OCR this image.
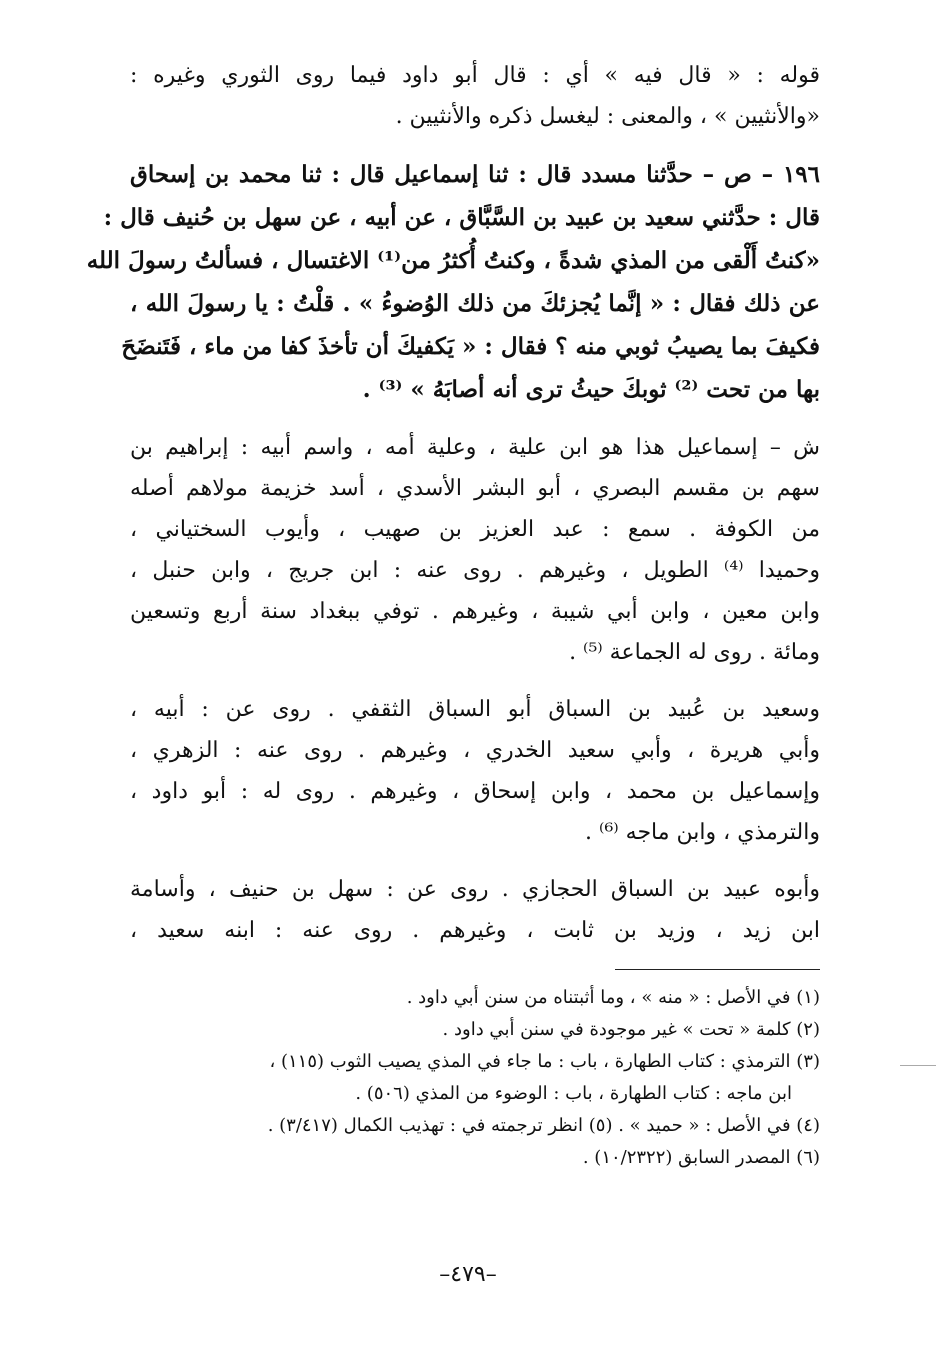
قوله : « قال فيه » أي : قال أبو داود فيما روى الثوري وغيره :
«والأنثيين » ، والمعنى : ليغسل ذكره والأنثيين .
١٩٦ – ص – حدَّثنا مسدد قال : ثنا إسماعيل قال : ثنا محمد بن إسحاق
قال : حدَّثني سعيد بن عبيد بن السَّبَّاق ، عن أبيه ، عن سهل بن حُنيف قال :
«كنتُ أَلْقى من المذي شدةً ، وكنتُ أُكثرُ من⁽¹⁾ الاغتسال ، فسألتُ رسولَ الله
عن ذلك فقال : « إنَّما يُجزئكَ من ذلك الوُضوءُ » . قلْتُ : يا رسولَ الله ،
فكيفَ بما يصيبُ ثوبي منه ؟ فقال : « يَكفيكَ أن تأخذَ كفا من ماء ، فَتَنضَحَ
بها من تحت ⁽²⁾ ثوبكَ حيثُ ترى أنه أصابَهُ » ⁽³⁾ .
ش – إسماعيل هذا هو ابن علية ، وعلية أمه ، واسم أبيه : إبراهيم بن
سهم بن مقسم البصري ، أبو البشر الأسدي ، أسد خزيمة مولاهم أصله
من الكوفة . سمع : عبد العزيز بن صهيب ، وأيوب السختياني ،
وحميدا ⁽⁴⁾ الطويل ، وغيرهم . روى عنه : ابن جريج ، وابن حنبل ،
وابن معين ، وابن أبي شيبة ، وغيرهم . توفي ببغداد سنة أربع وتسعين
ومائة . روى له الجماعة ⁽⁵⁾ .
وسعيد بن عُبيد بن السباق أبو السباق الثقفي . روى عن : أبيه ،
وأبي هريرة ، وأبي سعيد الخدري ، وغيرهم . روى عنه : الزهري ،
وإسماعيل بن محمد ، وابن إسحاق ، وغيرهم . روى له : أبو داود ،
والترمذي ، وابن ماجه ⁽⁶⁾ .
وأبوه عبيد بن السباق الحجازي . روى عن : سهل بن حنيف ، وأسامة
ابن زيد ، وزيد بن ثابت ، وغيرهم . روى عنه : ابنه سعيد ،
(١) في الأصل : « منه » ، وما أثبتناه من سنن أبي داود .
(٢) كلمة « تحت » غير موجودة في سنن أبي داود .
(٣) الترمذي : كتاب الطهارة ، باب : ما جاء في المذي يصيب الثوب (١١٥) ،
ابن ماجه : كتاب الطهارة ، باب : الوضوء من المذي (٥٠٦) .
(٤) في الأصل : « حميد » . (٥) انظر ترجمته في : تهذيب الكمال (٣/٤١٧) .
(٦) المصدر السابق (١٠/٢٣٢٢) .
–٤٧٩–
